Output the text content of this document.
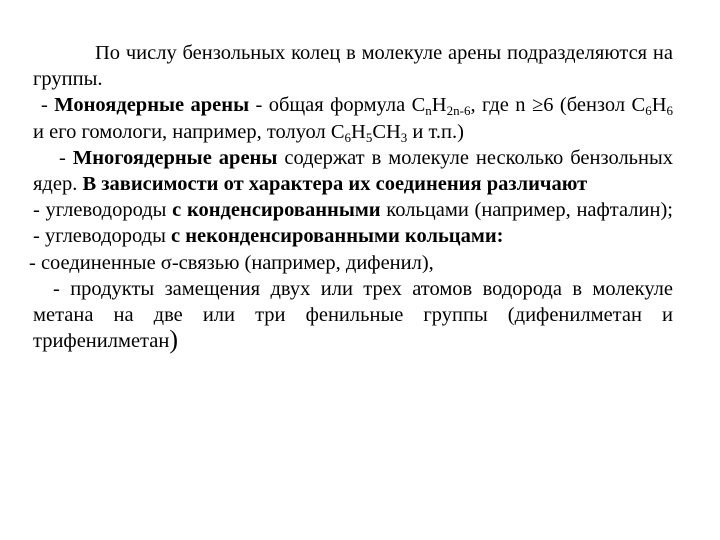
По числу бензольных колец в молекуле арены подразделяются на группы.

- Моноядерные арены - общая формула $C_nH_{2n-6}$, где n ≥6 (бензол $C_6H_6$ и его гомологи, например, толуол $C_6H_5CH_3$ и т.п.)

- Многоядерные арены содержат в молекуле несколько бензольных ядер. В зависимости от характера их соединения различают

- углеводороды с конденсированными кольцами (например, нафталин); - углеводороды с неконденсированными кольцами:

- соединенные σ-связью (например, дифенил),

- продукты замещения двух или трех атомов водорода в молекуле метана на две или три фенильные группы (дифенилметан и трифенилметан)
